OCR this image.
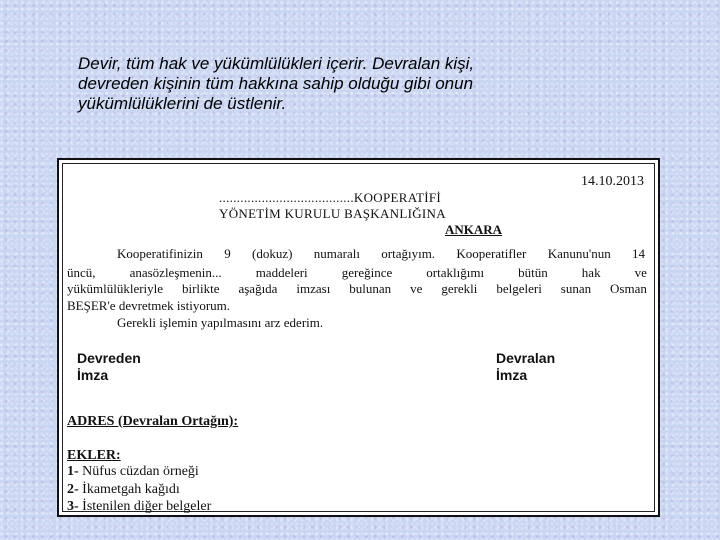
Devir, tüm hak ve yükümlülükleri içerir. Devralan kişi,
devreden kişinin tüm hakkına sahip olduğu gibi onun
yükümlülüklerini de üstlenir.
14.10.2013
......................................KOOPERATİFİ
YÖNETİM KURULU BAŞKANLIĞINA
ANKARA
Kooperatifinizin 9 (dokuz) numaralı ortağıyım. Kooperatifler Kanunu'nun 14
üncü,	anasözleşmenin...	maddeleri	gereğince	ortaklığımı	bütün	hak	ve
yükümlülükleriyle birlikte aşağıda imzası bulunan ve gerekli belgeleri sunan Osman
BEŞER'e devretmek istiyorum.
Gerekli işlemin yapılmasını arz ederim.
Devreden
İmza
Devralan
İmza
ADRES (Devralan Ortağın):
EKLER:
1- Nüfus cüzdan örneği
2- İkametgah kağıdı
3- İstenilen diğer belgeler
